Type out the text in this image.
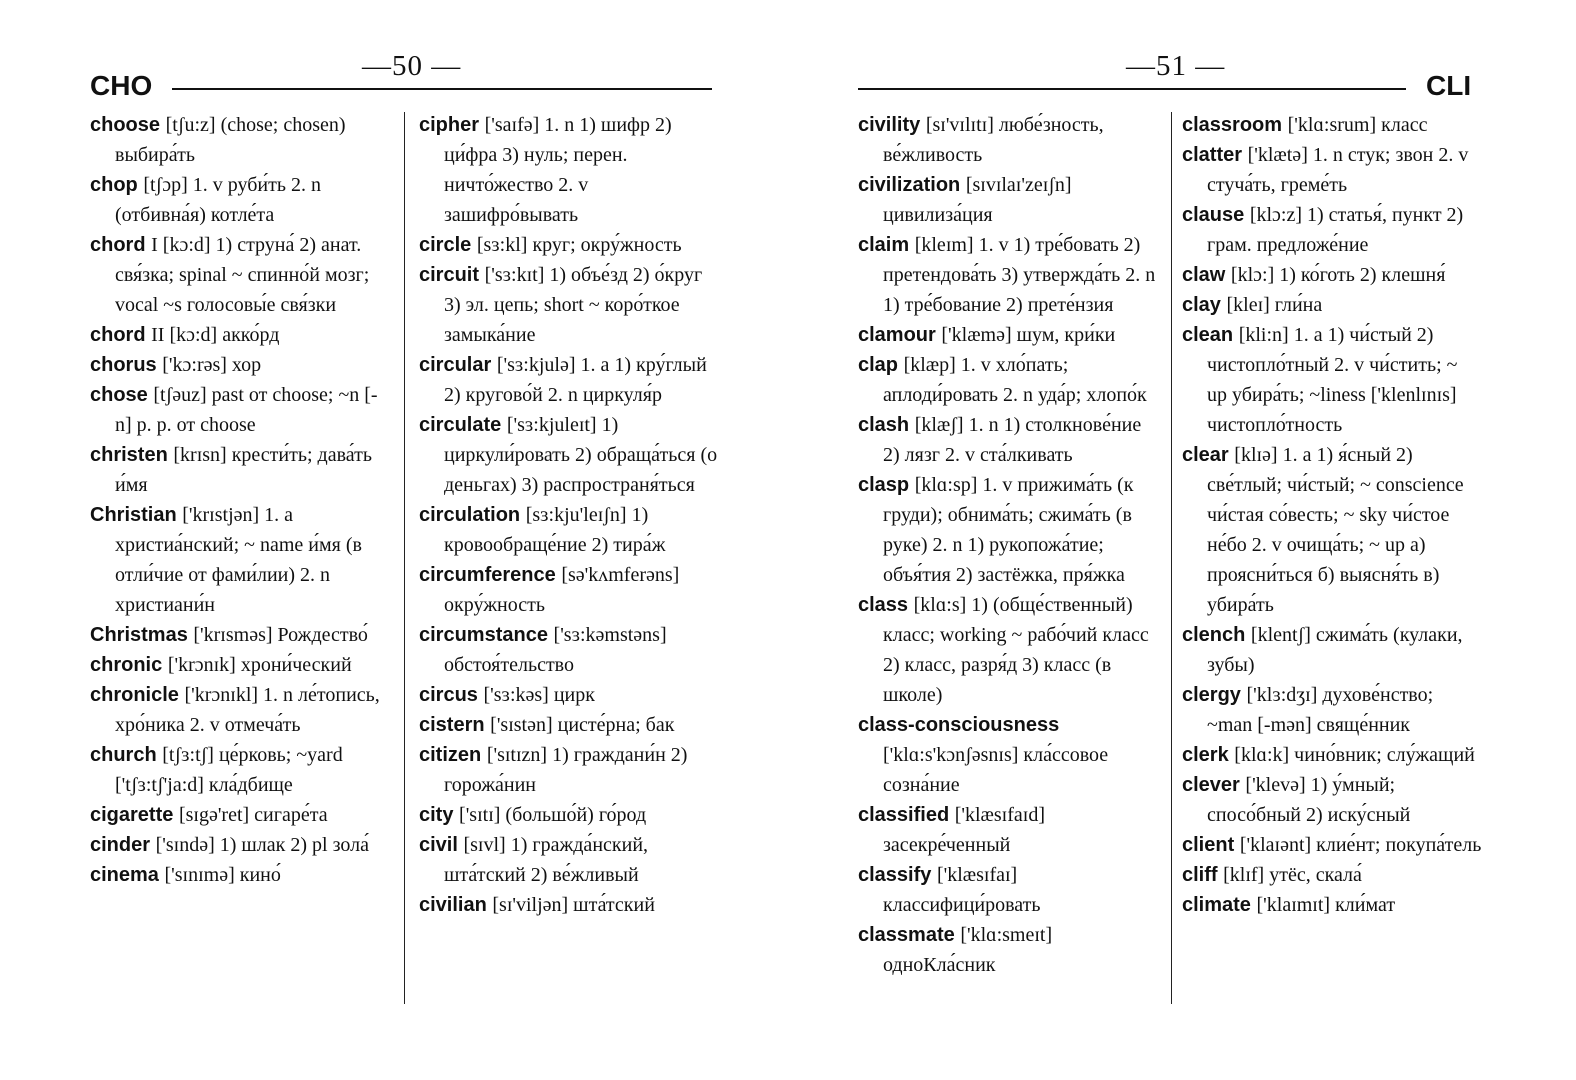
CHO
—50 —

choose [tʃu:z] (chose; chosen) выбира́ть

chop [tʃɔp] 1. v руби́ть 2. n (отбивна́я) котле́та

chord I [kɔ:d] 1) струна́ 2) анат. свя́зка; spinal ~ спинно́й мозг; vocal ~s голосовы́е свя́зки

chord II [kɔ:d] акко́рд

chorus ['kɔ:rəs] хор

chose [tʃəuz] past от choose; ~n [-n] p. p. от choose

christen [krɪsn] крести́ть; дава́ть и́мя

Christian ['krɪstjən] 1. a христиа́нский; ~ name и́мя (в отли́чие от фами́лии) 2. n христиани́н

Christmas ['krɪsməs] Рождество́

chronic ['krɔnɪk] хрони́ческий

chronicle ['krɔnɪkl] 1. n ле́топись, хро́ника 2. v отмеча́ть

church [tʃɜ:tʃ] це́рковь; ~yard ['tʃɜ:tʃ'ja:d] кла́дбище

cigarette [sɪgə'ret] сигаре́та

cinder ['sɪndə] 1) шлак 2) pl зола́

cinema ['sɪnɪmə] кино́

cipher ['saɪfə] 1. n 1) шифр 2) ци́фра 3) нуль; перен. ничто́жество 2. v зашифро́вывать

circle [sɜ:kl] круг; окру́жность

circuit ['sɜ:kɪt] 1) объе́зд 2) о́круг 3) эл. цепь; short ~ коро́ткое замыка́ние

circular ['sɜ:kjulə] 1. a 1) кру́глый 2) кругово́й 2. n циркуля́р

circulate ['sɜ:kjuleɪt] 1) циркули́ровать 2) обраща́ться (о деньгах) 3) распространя́ться

circulation [sɜ:kju'leɪʃn] 1) кровообраще́ние 2) тира́ж

circumference [sə'kʌmferəns] окру́жность

circumstance ['sɜ:kəmstəns] обстоя́тельство

circus ['sɜ:kəs] цирк

cistern ['sɪstən] цисте́рна; бак

citizen ['sɪtɪzn] 1) граждани́н 2) горожа́нин

city ['sɪtɪ] (большо́й) го́род

civil [sɪvl] 1) гражда́нский, шта́тский 2) ве́жливый

civilian [sɪ'viljən] шта́тский

—51 —
CLI

civility [sɪ'vɪlɪtɪ] любе́зность, ве́жливость

civilization [sɪvɪlaɪ'zeɪʃn] цивилиза́ция

claim [kleɪm] 1. v 1) тре́бовать 2) претендова́ть 3) утвержда́ть 2. n 1) тре́бование 2) прете́нзия

clamour ['klæmə] шум, кри́ки

clap [klæp] 1. v хло́пать; аплоди́ровать 2. n уда́р; хлопо́к

clash [klæʃ] 1. n 1) столкнове́ние 2) лязг 2. v ста́лкивать

clasp [klɑ:sp] 1. v прижима́ть (к груди); обнима́ть; сжима́ть (в руке) 2. n 1) рукопожа́тие; объя́тия 2) застёжка, пря́жка

class [klɑ:s] 1) (обще́ственный) класс; working ~ рабо́чий класс 2) класс, разря́д 3) класс (в школе)

class-consciousness ['klɑ:s'kɔnʃəsnɪs] кла́ссовое созна́ние

classified ['klæsɪfaɪd] засекре́ченный

classify ['klæsɪfaɪ] классифици́ровать

classmate ['klɑ:smeɪt] одноКла́сник

classroom ['klɑ:srum] класс

clatter ['klætə] 1. n стук; звон 2. v стуча́ть, греме́ть

clause [klɔ:z] 1) статья́, пункт 2) грам. предложе́ние

claw [klɔ:] 1) ко́готь 2) клешня́

clay [kleɪ] гли́на

clean [kli:n] 1. a 1) чи́стый 2) чистопло́тный 2. v чи́стить; ~ up убира́ть; ~liness ['klenlɪnɪs] чистопло́тность

clear [klɪə] 1. a 1) я́сный 2) све́тлый; чи́стый; ~ conscience чи́стая со́весть; ~ sky чи́стое не́бо 2. v очища́ть; ~ up а) проясни́ться б) выясня́ть в) убира́ть

clench [klentʃ] сжима́ть (кулаки, зубы)

clergy ['klɜ:dʒɪ] духове́нство; ~man [-mən] свяще́нник

clerk [klɑ:k] чино́вник; слу́жащий

clever ['klevə] 1) у́мный; спосо́бный 2) иску́сный

client ['klaɪənt] клие́нт; покупа́тель

cliff [klɪf] утёс, скала́

climate ['klaɪmɪt] кли́мат
